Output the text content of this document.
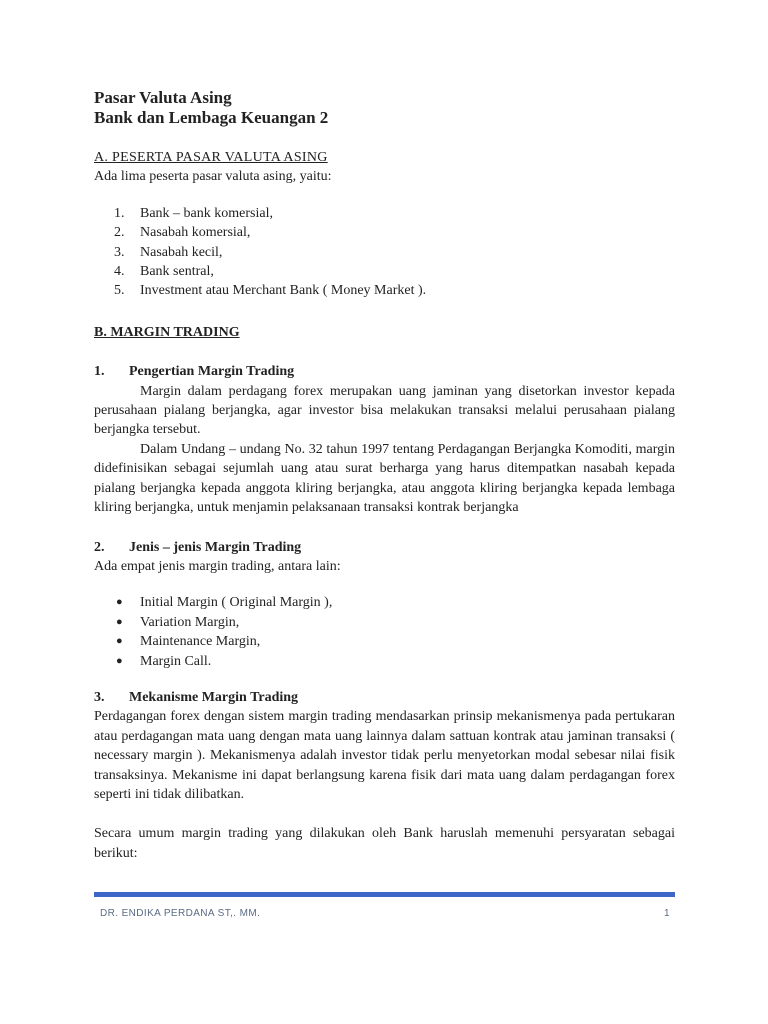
Pasar Valuta Asing
Bank dan Lembaga Keuangan 2
A. PESERTA PASAR VALUTA ASING
Ada lima peserta pasar valuta asing, yaitu:
1.	Bank – bank komersial,
2.	Nasabah komersial,
3.	Nasabah kecil,
4.	Bank sentral,
5.	Investment atau Merchant Bank ( Money Market ).
B. MARGIN TRADING
1.	Pengertian Margin Trading

Margin dalam perdagang forex merupakan uang jaminan yang disetorkan investor kepada perusahaan pialang berjangka, agar investor bisa melakukan transaksi melalui perusahaan pialang berjangka tersebut.

Dalam Undang – undang No. 32 tahun 1997 tentang Perdagangan Berjangka Komoditi, margin didefinisikan sebagai sejumlah uang atau surat berharga yang harus ditempatkan nasabah kepada pialang berjangka kepada anggota kliring berjangka, atau anggota kliring berjangka kepada lembaga kliring berjangka, untuk menjamin pelaksanaan transaksi kontrak berjangka

2.	Jenis – jenis Margin Trading
Ada empat jenis margin trading, antara lain:
● Initial Margin ( Original Margin ),
● Variation Margin,
● Maintenance Margin,
● Margin Call.
3.	Mekanisme Margin Trading

Perdagangan forex dengan sistem margin trading mendasarkan prinsip mekanismenya pada pertukaran atau perdagangan mata uang dengan mata uang lainnya dalam sattuan kontrak atau jaminan transaksi ( necessary margin ). Mekanismenya adalah investor tidak perlu menyetorkan modal sebesar nilai fisik transaksinya. Mekanisme ini dapat berlangsung karena fisik dari mata uang dalam perdagangan forex seperti ini tidak dilibatkan.

Secara umum margin trading yang dilakukan oleh Bank haruslah memenuhi persyaratan sebagai berikut:

DR. ENDIKA PERDANA ST,. MM.	1
